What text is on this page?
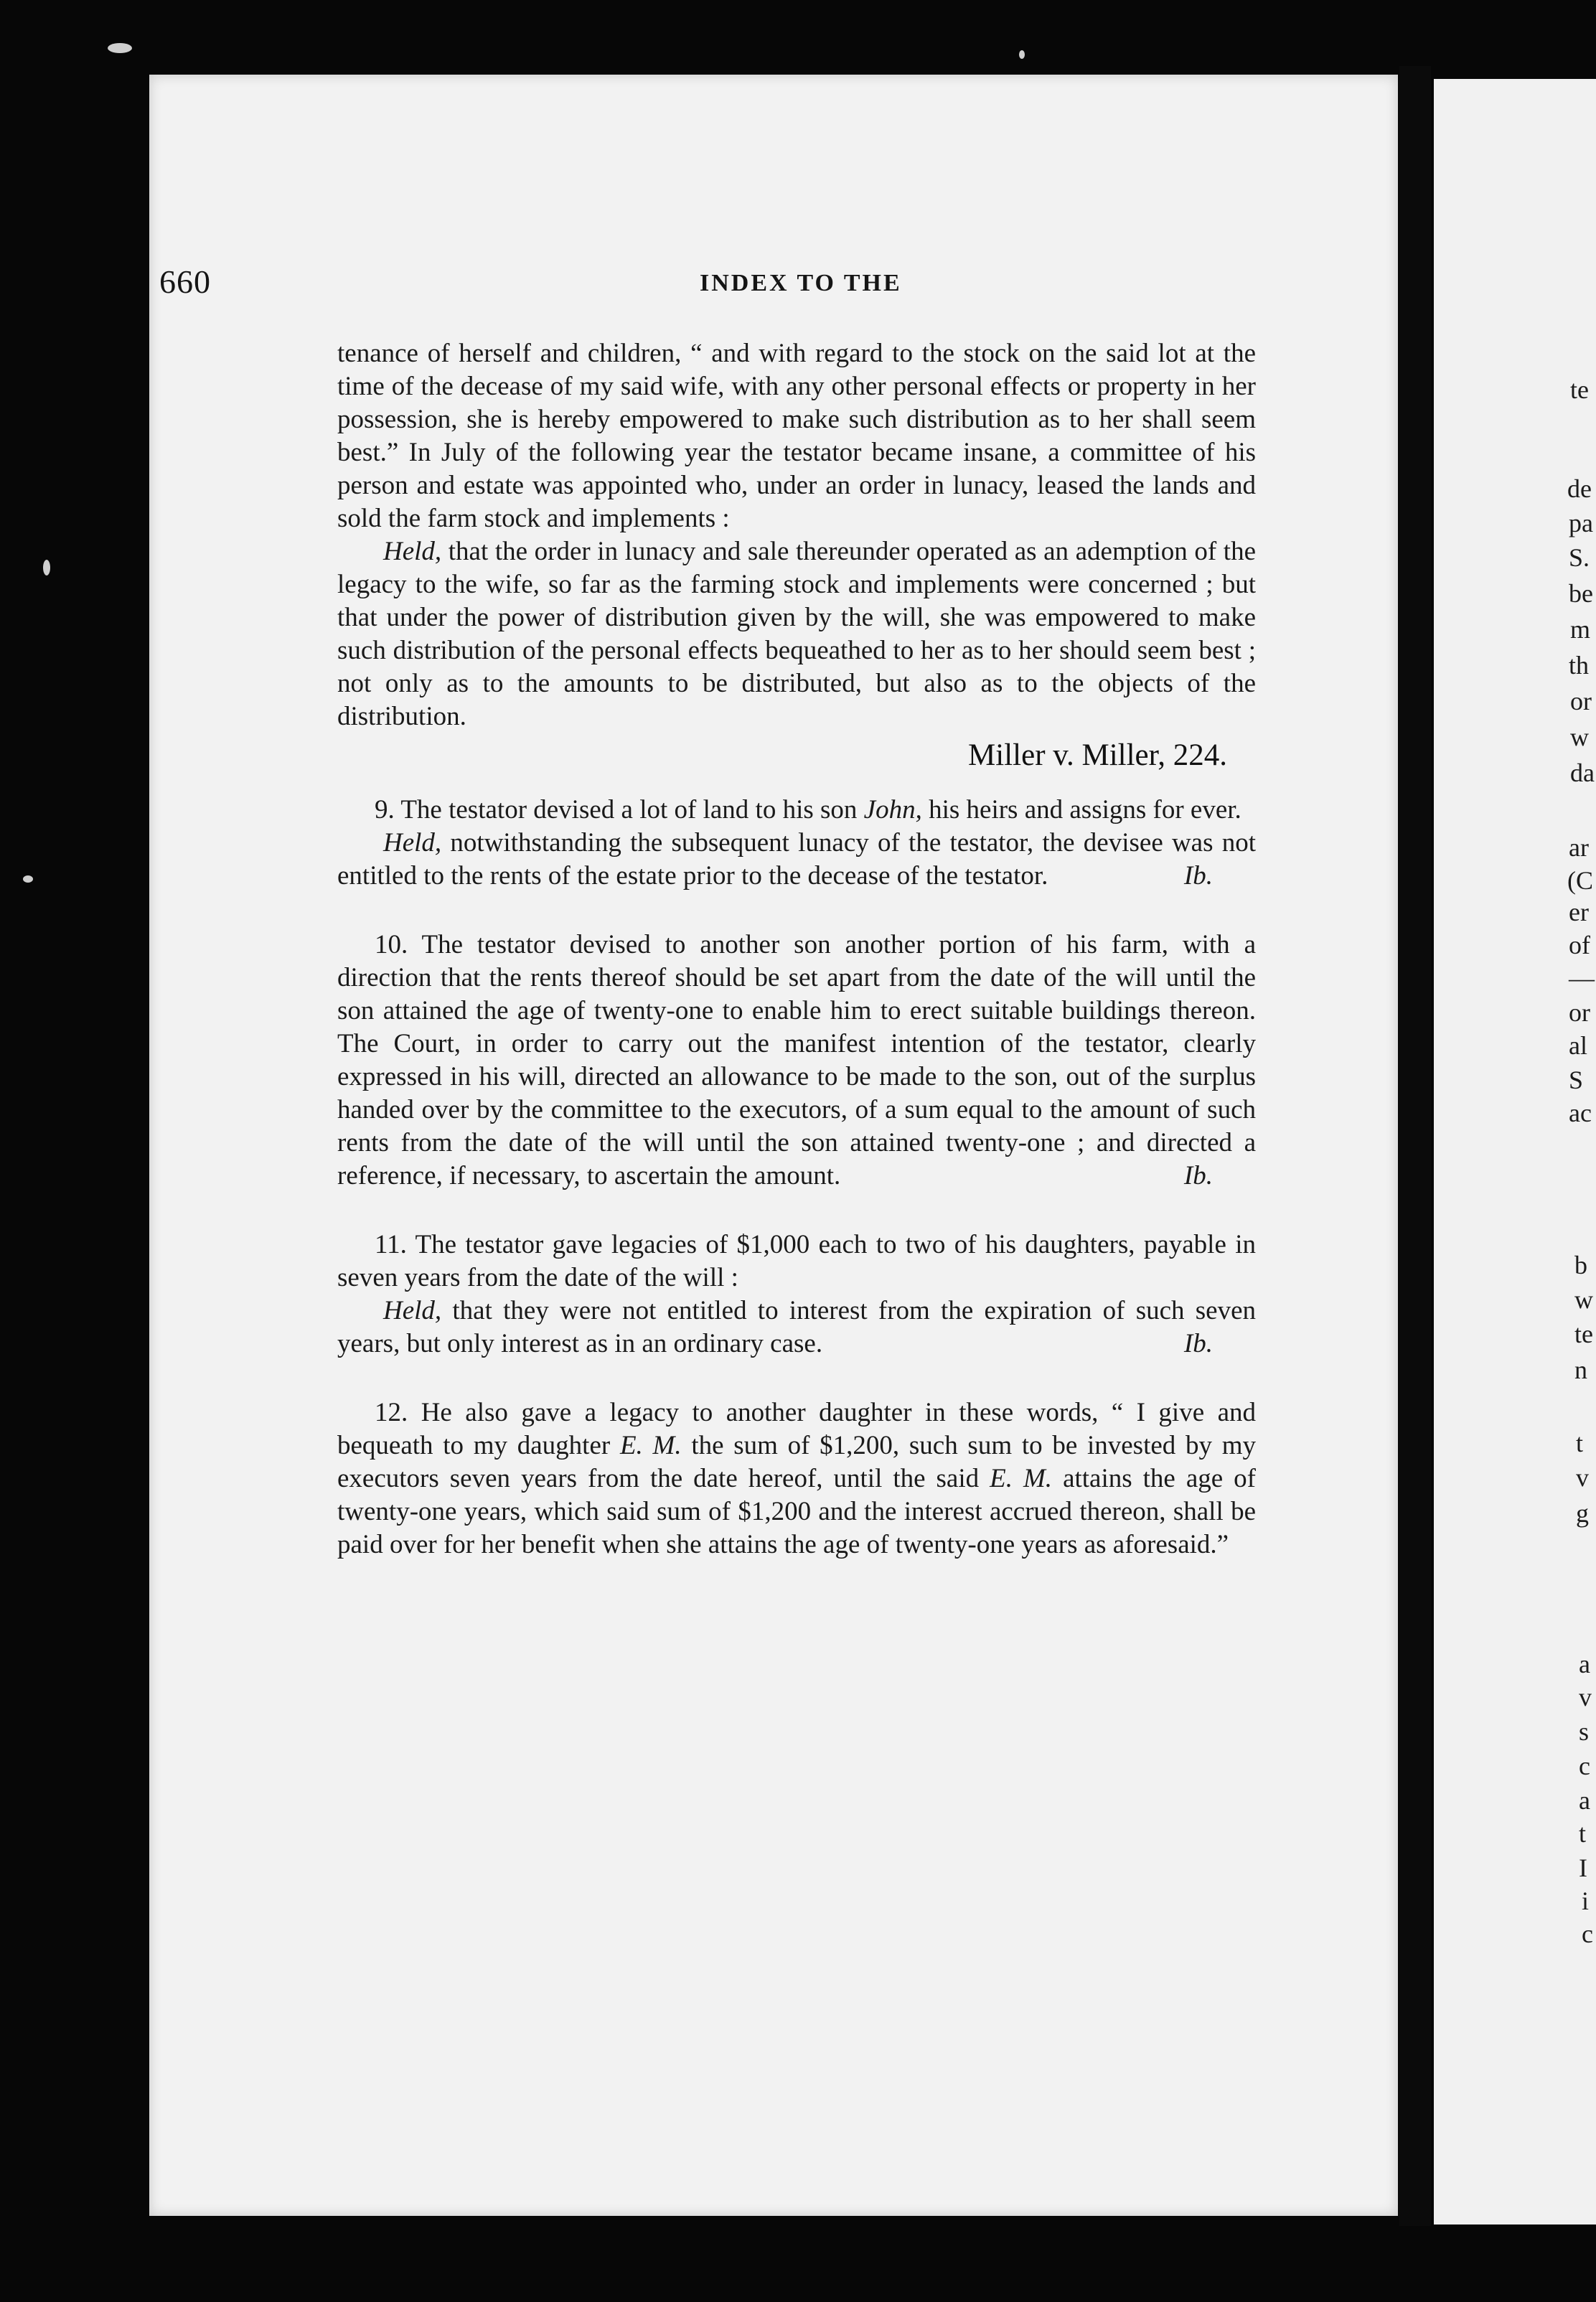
te
de
pa
S.
be
m
th
or
w
da
ar
(C
er
of
—
or
al
S
ac
b
w
te
n
t
v
g
a
v
s
c
a
t
I
i
c
660	INDEX TO THE

tenance of herself and children, “ and with regard to the stock on the said lot at the time of the decease of my said wife, with any other personal effects or property in her possession, she is hereby empowered to make such distribution as to her shall seem best.” In July of the following year the testator became insane, a committee of his person and estate was appointed who, under an order in lunacy, leased the lands and sold the farm stock and implements :

Held, that the order in lunacy and sale thereunder operated as an ademption of the legacy to the wife, so far as the farming stock and implements were concerned ; but that under the power of distribution given by the will, she was empowered to make such distribution of the personal effects bequeathed to her as to her should seem best ; not only as to the amounts to be distributed, but also as to the objects of the distribution.

Miller v. Miller, 224.

9. The testator devised a lot of land to his son John, his heirs and assigns for ever.

Held, notwithstanding the subsequent lunacy of the testator, the devisee was not entitled to the rents of the estate prior to the decease of the testator.	Ib.

10. The testator devised to another son another portion of his farm, with a direction that the rents thereof should be set apart from the date of the will until the son attained the age of twenty-one to enable him to erect suitable buildings thereon. The Court, in order to carry out the manifest intention of the testator, clearly expressed in his will, directed an allowance to be made to the son, out of the surplus handed over by the committee to the executors, of a sum equal to the amount of such rents from the date of the will until the son attained twenty-one ; and directed a reference, if necessary, to ascertain the amount.	Ib.

11. The testator gave legacies of $1,000 each to two of his daughters, payable in seven years from the date of the will :

Held, that they were not entitled to interest from the expiration of such seven years, but only interest as in an ordinary case.	Ib.

12. He also gave a legacy to another daughter in these words, “ I give and bequeath to my daughter E. M. the sum of $1,200, such sum to be invested by my executors seven years from the date hereof, until the said E. M. attains the age of twenty-one years, which said sum of $1,200 and the interest accrued thereon, shall be paid over for her benefit when she attains the age of twenty-one years as aforesaid.”
